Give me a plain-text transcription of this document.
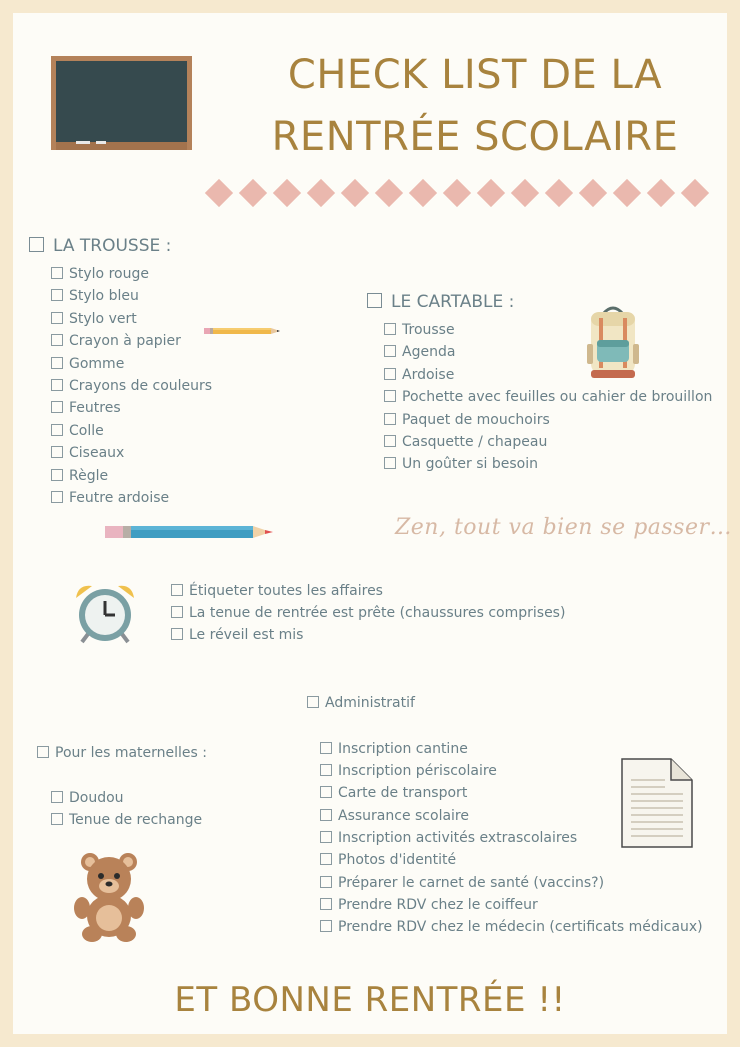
CHECK LIST DE LA
RENTRÉE SCOLAIRE
LA TROUSSE :
Stylo rouge
Stylo bleu
Stylo vert
Crayon à papier
Gomme
Crayons de couleurs
Feutres
Colle
Ciseaux
Règle
Feutre ardoise
LE CARTABLE :
Trousse
Agenda
Ardoise
Pochette avec feuilles ou cahier de brouillon
Paquet de mouchoirs
Casquette / chapeau
Un goûter si besoin
Zen, tout va bien se passer…
Étiqueter toutes les affaires
La tenue de rentrée est prête (chaussures comprises)
Le réveil est mis
Administratif
Inscription cantine
Inscription périscolaire
Carte de transport
Assurance scolaire
Inscription activités extrascolaires
Photos d'identité
Préparer le carnet de santé (vaccins?)
Prendre RDV chez le coiffeur
Prendre RDV chez le médecin (certificats médicaux)
Pour les maternelles :
Doudou
Tenue de rechange
ET BONNE RENTRÉE !!
